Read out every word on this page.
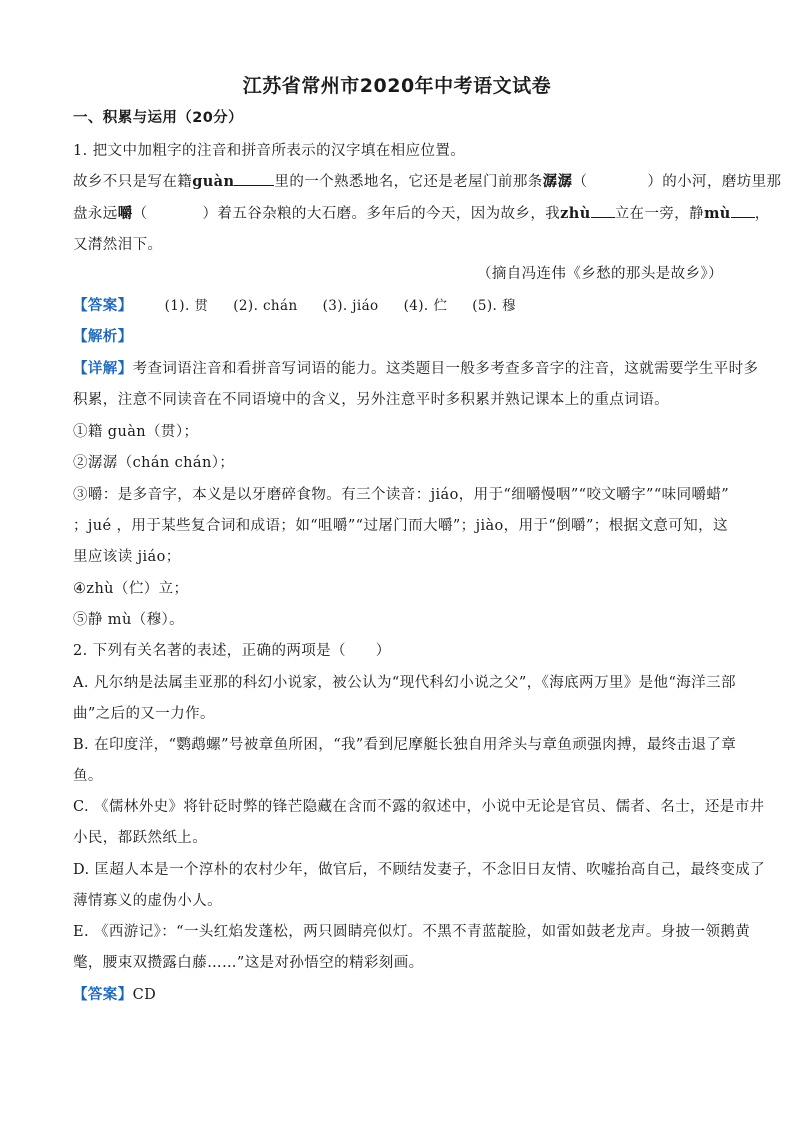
江苏省常州市2020年中考语文试卷
一、积累与运用（20分）
1. 把文中加粗字的注音和拼音所表示的汉字填在相应位置。
故乡不只是写在籍guàn	里的一个熟悉地名，它还是老屋门前那条潺潺（	）的小河，磨坊里那
盘永远嚼（	）着五谷杂粮的大石磨。多年后的今天，因为故乡，我zhù 立在一旁，静mù ，
又潸然泪下。
（摘自冯连伟《乡愁的那头是故乡》）
【答案】 (1). 贯 (2). chán (3). jiáo (4). 伫 (5). 穆
【解析】
【详解】考查词语注音和看拼音写词语的能力。这类题目一般多考查多音字的注音，这就需要学生平时多
积累，注意不同读音在不同语境中的含义，另外注意平时多积累并熟记课本上的重点词语。
①籍 guàn（贯）；
②潺潺（chán chán）；
③嚼：是多音字，本义是以牙磨碎食物。有三个读音：jiáo，用于“细嚼慢咽”“咬文嚼字”“味同嚼蜡”
；jué ，用于某些复合词和成语；如“咀嚼”“过屠门而大嚼”；jiào，用于“倒嚼”；根据文意可知，这
里应该读 jiáo；
④zhù（伫）立；
⑤静 mù（穆）。
2. 下列有关名著的表述，正确的两项是（　　）
A. 凡尔纳是法属圭亚那的科幻小说家，被公认为“现代科幻小说之父”，《海底两万里》是他“海洋三部
曲”之后的又一力作。
B. 在印度洋，“鹦鹉螺”号被章鱼所困，“我”看到尼摩艇长独自用斧头与章鱼顽强肉搏，最终击退了章
鱼。
C. 《儒林外史》将针砭时弊的锋芒隐藏在含而不露的叙述中，小说中无论是官员、儒者、名士，还是市井
小民，都跃然纸上。
D. 匡超人本是一个淳朴的农村少年，做官后，不顾结发妻子，不念旧日友情、吹嘘抬高自己，最终变成了
薄情寡义的虚伪小人。
E. 《西游记》：“一头红焰发蓬松，两只圆睛亮似灯。不黑不青蓝靛脸，如雷如鼓老龙声。身披一领鹅黄
氅，腰束双攒露白藤……”这是对孙悟空的精彩刻画。
【答案】CD
